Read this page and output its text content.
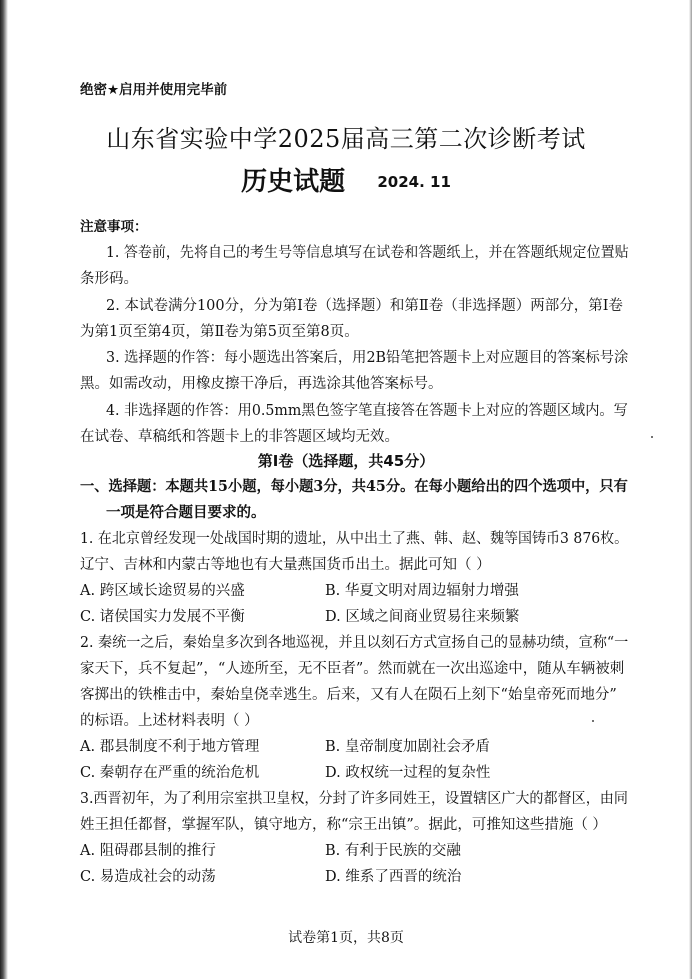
绝密★启用并使用完毕前
山东省实验中学2025届高三第二次诊断考试
历史试题 2024. 11
注意事项：
1. 答卷前，先将自己的考生号等信息填写在试卷和答题纸上，并在答题纸规定位置贴
条形码。
2. 本试卷满分100分，分为第Ⅰ卷（选择题）和第Ⅱ卷（非选择题）两部分，第Ⅰ卷
为第1页至第4页，第Ⅱ卷为第5页至第8页。
3. 选择题的作答：每小题选出答案后，用2B铅笔把答题卡上对应题目的答案标号涂
黑。如需改动，用橡皮擦干净后，再选涂其他答案标号。
4. 非选择题的作答：用0.5mm黑色签字笔直接答在答题卡上对应的答题区域内。写
在试卷、草稿纸和答题卡上的非答题区域均无效。
第Ⅰ卷（选择题，共45分）
一、选择题：本题共15小题，每小题3分，共45分。在每小题给出的四个选项中，只有
一项是符合题目要求的。
1. 在北京曾经发现一处战国时期的遗址，从中出土了燕、韩、赵、魏等国铸币3 876枚。
辽宁、吉林和内蒙古等地也有大量燕国货币出土。据此可知（ ）
A. 跨区域长途贸易的兴盛	B. 华夏文明对周边辐射力增强
C. 诸侯国实力发展不平衡	D. 区域之间商业贸易往来频繁
2. 秦统一之后，秦始皇多次到各地巡视，并且以刻石方式宣扬自己的显赫功绩，宣称“一
家天下，兵不复起”，“人迹所至，无不臣者”。然而就在一次出巡途中，随从车辆被刺
客掷出的铁椎击中，秦始皇侥幸逃生。后来，又有人在陨石上刻下“始皇帝死而地分”
的标语。上述材料表明（ ）
A. 郡县制度不利于地方管理	B. 皇帝制度加剧社会矛盾
C. 秦朝存在严重的统治危机	D. 政权统一过程的复杂性
3.西晋初年，为了利用宗室拱卫皇权，分封了许多同姓王，设置辖区广大的都督区，由同
姓王担任都督，掌握军队，镇守地方，称“宗王出镇”。据此，可推知这些措施（ ）
A. 阻碍郡县制的推行	B. 有利于民族的交融
C. 易造成社会的动荡	D. 维系了西晋的统治
试卷第1页，共8页
